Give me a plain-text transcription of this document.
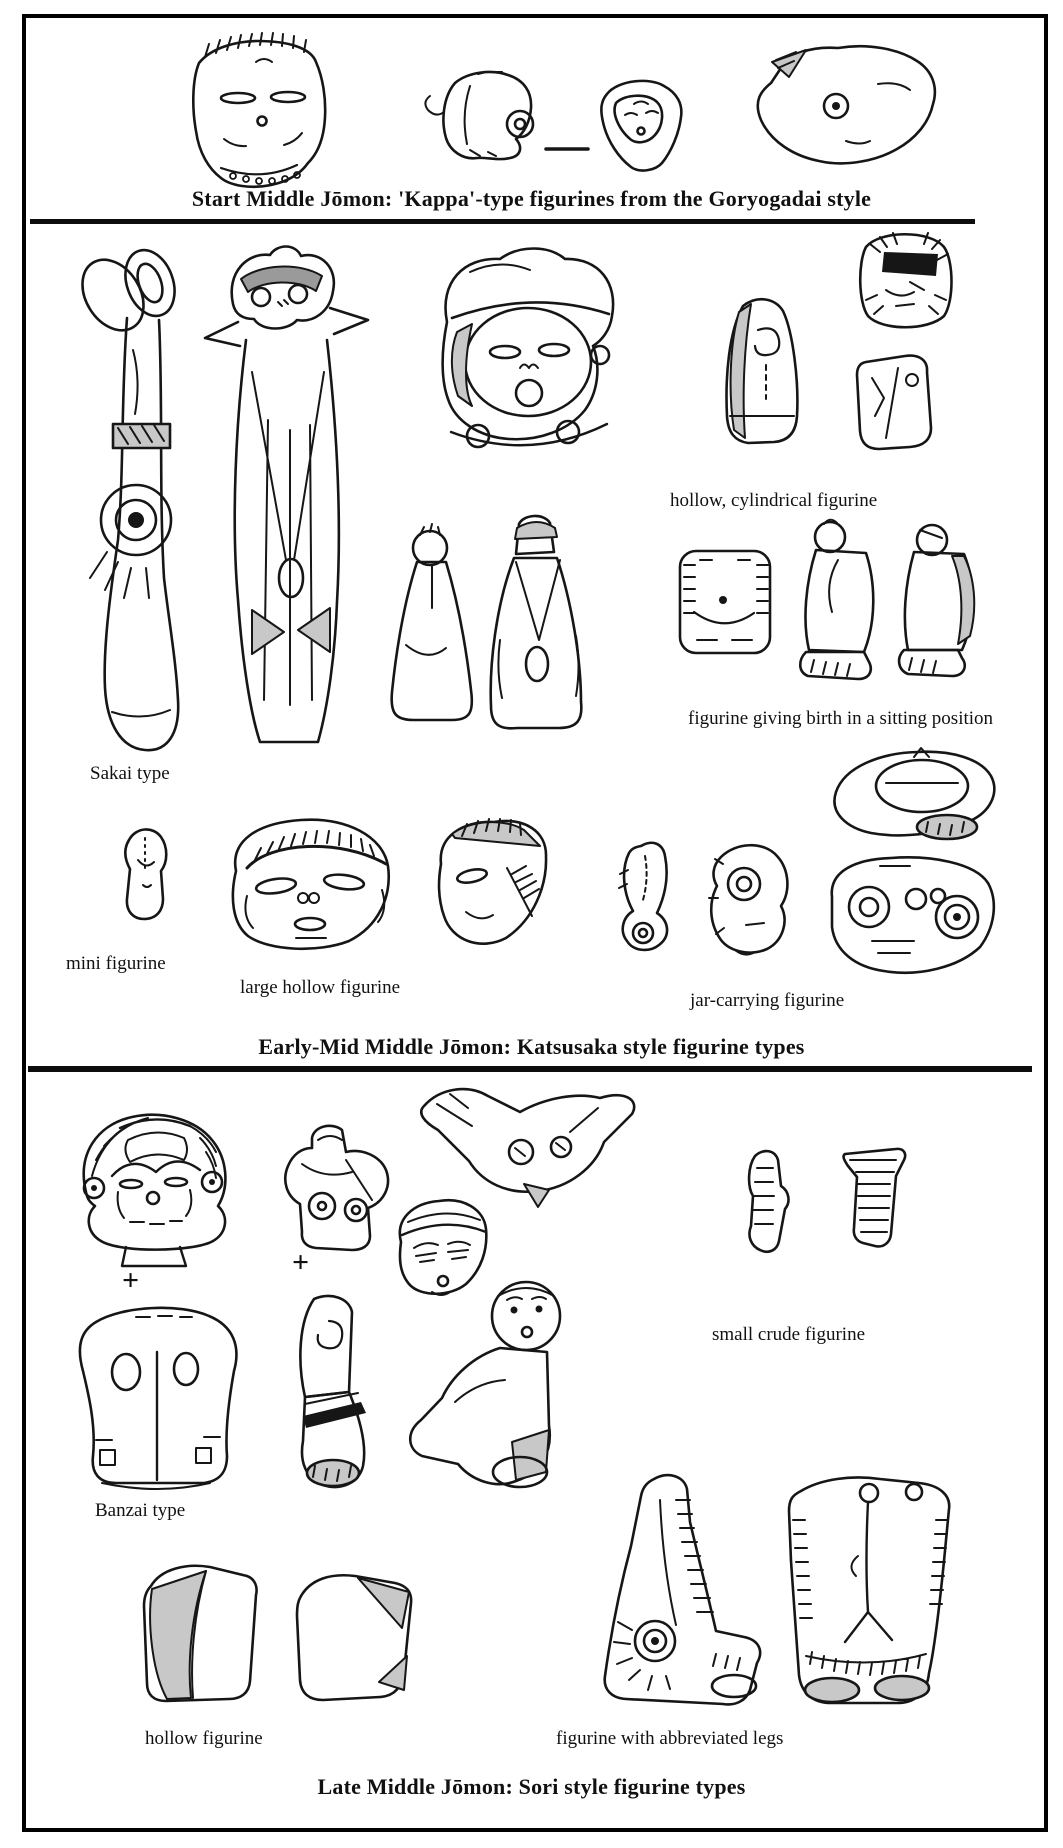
Start Middle Jōmon: 'Kappa'-type figurines from the Goryogadai style
Sakai type
hollow, cylindrical figurine
figurine giving birth in a sitting position
mini figurine
large hollow figurine
jar-carrying figurine
Early-Mid Middle Jōmon: Katsusaka style figurine types
+
+
small crude figurine
Banzai type
hollow figurine	figurine with abbreviated legs
Late Middle Jōmon: Sori style figurine types
